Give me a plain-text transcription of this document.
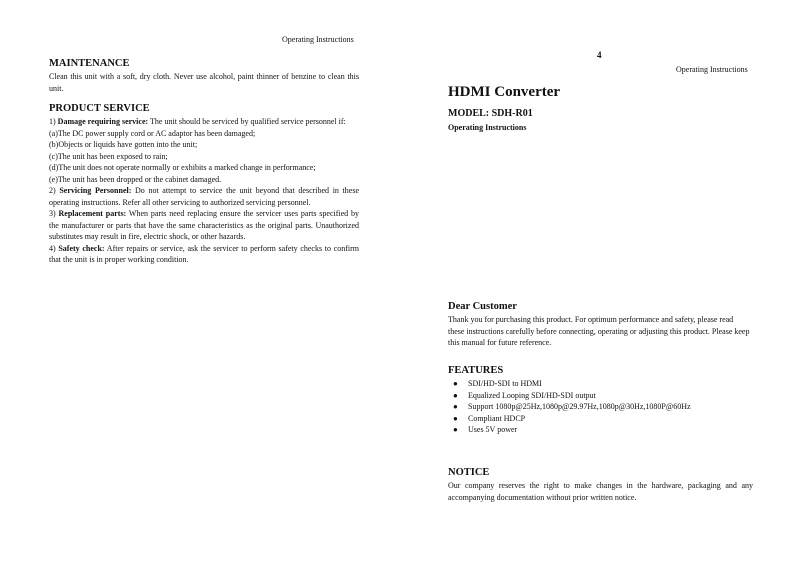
Operating Instructions
MAINTENANCE
Clean this unit with a soft, dry cloth. Never use alcohol, paint thinner of benzine to clean this unit.
PRODUCT SERVICE

1) Damage requiring service: The unit should be serviced by qualified service personnel if:

(a)The DC power supply cord or AC adaptor has been damaged;

(b)Objects or liquids have gotten into the unit;

(c)The unit has been exposed to rain;

(d)The unit does not operate normally or exhibits a marked change in performance;

(e)The unit has been dropped or the cabinet damaged.

2) Servicing Personnel: Do not attempt to service the unit beyond that described in these operating instructions. Refer all other servicing to authorized servicing personnel.

3) Replacement parts: When parts need replacing ensure the servicer uses parts specified by the manufacturer or parts that have the same characteristics as the original parts. Unauthorized substitutes may result in fire, electric shock, or other hazards.

4) Safety check: After repairs or service, ask the servicer to perform safety checks to confirm that the unit is in proper working condition.

4
Operating Instructions
HDMI Converter
MODEL: SDH-R01
Operating Instructions
Dear Customer
Thank you for purchasing this product. For optimum performance and safety, please read these instructions carefully before connecting, operating or adjusting this product. Please keep this manual for future reference.
FEATURES
● SDI/HD-SDI to HDMI
● Equalized Looping SDI/HD-SDI output
● Support 1080p@25Hz,1080p@29.97Hz,1080p@30Hz,1080P@60Hz
● Compliant HDCP
● Uses 5V power
NOTICE
Our company reserves the right to make changes in the hardware, packaging and any accompanying documentation without prior written notice.
